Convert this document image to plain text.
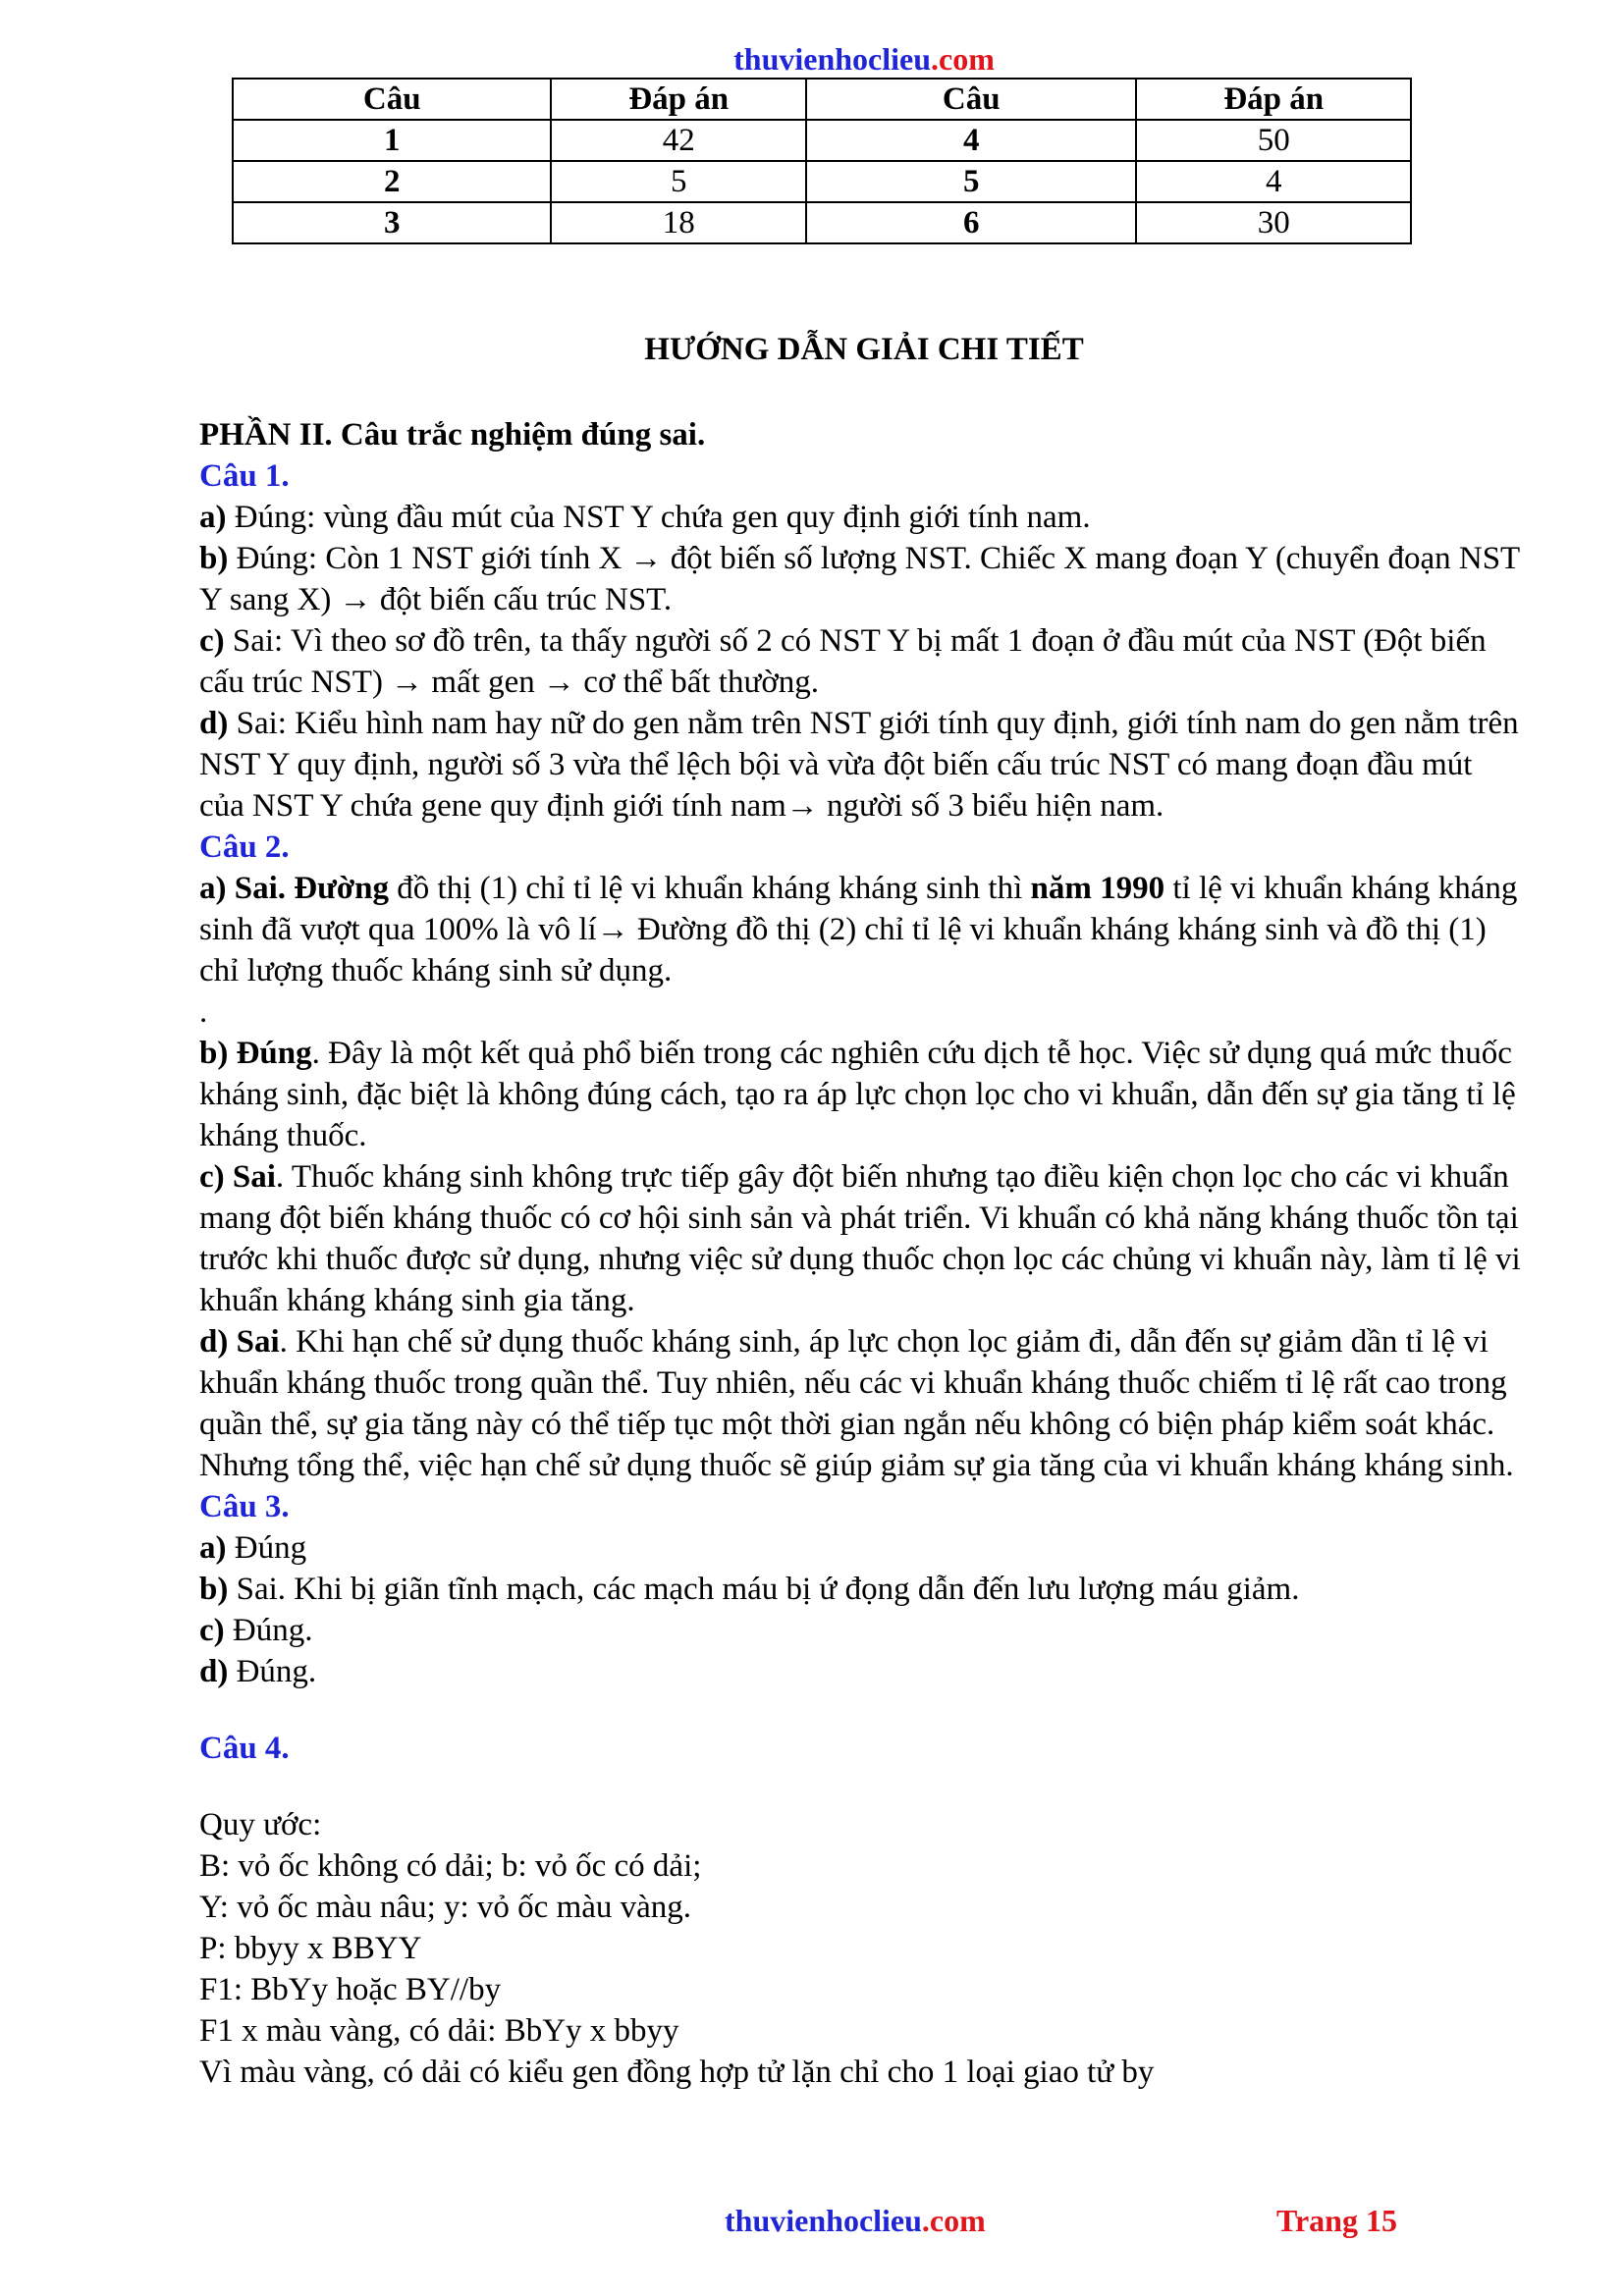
thuvienhoclieu.com
Câu	Đáp án	Câu	Đáp án
1	42	4	50
2	5	5	4
3	18	6	30
HƯỚNG DẪN GIẢI CHI TIẾT

PHẦN II. Câu trắc nghiệm đúng sai.

Câu 1.

a) Đúng: vùng đầu mút của NST Y chứa gen quy định giới tính nam.

b) Đúng: Còn 1 NST giới tính X → đột biến số lượng NST. Chiếc X mang đoạn Y (chuyển đoạn NST Y sang X) → đột biến cấu trúc NST.

c) Sai: Vì theo sơ đồ trên, ta thấy người số 2 có NST Y bị mất 1 đoạn ở đầu mút của NST (Đột biến cấu trúc NST) → mất gen → cơ thể bất thường.

d) Sai: Kiểu hình nam hay nữ do gen nằm trên NST giới tính quy định, giới tính nam do gen nằm trên NST Y quy định, người số 3 vừa thể lệch bội và vừa đột biến cấu trúc NST có mang đoạn đầu mút của NST Y chứa gene quy định giới tính nam→ người số 3 biểu hiện nam.

Câu 2.

a) Sai. Đường đồ thị (1) chỉ tỉ lệ vi khuẩn kháng kháng sinh thì năm 1990 tỉ lệ vi khuẩn kháng kháng sinh đã vượt qua 100% là vô lí→ Đường đồ thị (2) chỉ tỉ lệ vi khuẩn kháng kháng sinh và đồ thị (1) chỉ lượng thuốc kháng sinh sử dụng.

.

b) Đúng. Đây là một kết quả phổ biến trong các nghiên cứu dịch tễ học. Việc sử dụng quá mức thuốc kháng sinh, đặc biệt là không đúng cách, tạo ra áp lực chọn lọc cho vi khuẩn, dẫn đến sự gia tăng tỉ lệ kháng thuốc.

c) Sai. Thuốc kháng sinh không trực tiếp gây đột biến nhưng tạo điều kiện chọn lọc cho các vi khuẩn mang đột biến kháng thuốc có cơ hội sinh sản và phát triển. Vi khuẩn có khả năng kháng thuốc tồn tại trước khi thuốc được sử dụng, nhưng việc sử dụng thuốc chọn lọc các chủng vi khuẩn này, làm tỉ lệ vi khuẩn kháng kháng sinh gia tăng.

d) Sai. Khi hạn chế sử dụng thuốc kháng sinh, áp lực chọn lọc giảm đi, dẫn đến sự giảm dần tỉ lệ vi khuẩn kháng thuốc trong quần thể. Tuy nhiên, nếu các vi khuẩn kháng thuốc chiếm tỉ lệ rất cao trong quần thể, sự gia tăng này có thể tiếp tục một thời gian ngắn nếu không có biện pháp kiểm soát khác. Nhưng tổng thể, việc hạn chế sử dụng thuốc sẽ giúp giảm sự gia tăng của vi khuẩn kháng kháng sinh.

Câu 3.

a) Đúng

b) Sai. Khi bị giãn tĩnh mạch, các mạch máu bị ứ đọng dẫn đến lưu lượng máu giảm.

c) Đúng.

d) Đúng.

Câu 4.

Quy ước:

B: vỏ ốc không có dải; b: vỏ ốc có dải;

Y: vỏ ốc màu nâu; y: vỏ ốc màu vàng.

P: bbyy x BBYY

F1: BbYy hoặc BY//by

F1 x màu vàng, có dải: BbYy x bbyy

Vì màu vàng, có dải có kiểu gen đồng hợp tử lặn chỉ cho 1 loại giao tử by

thuvienhoclieu.com	Trang 15
